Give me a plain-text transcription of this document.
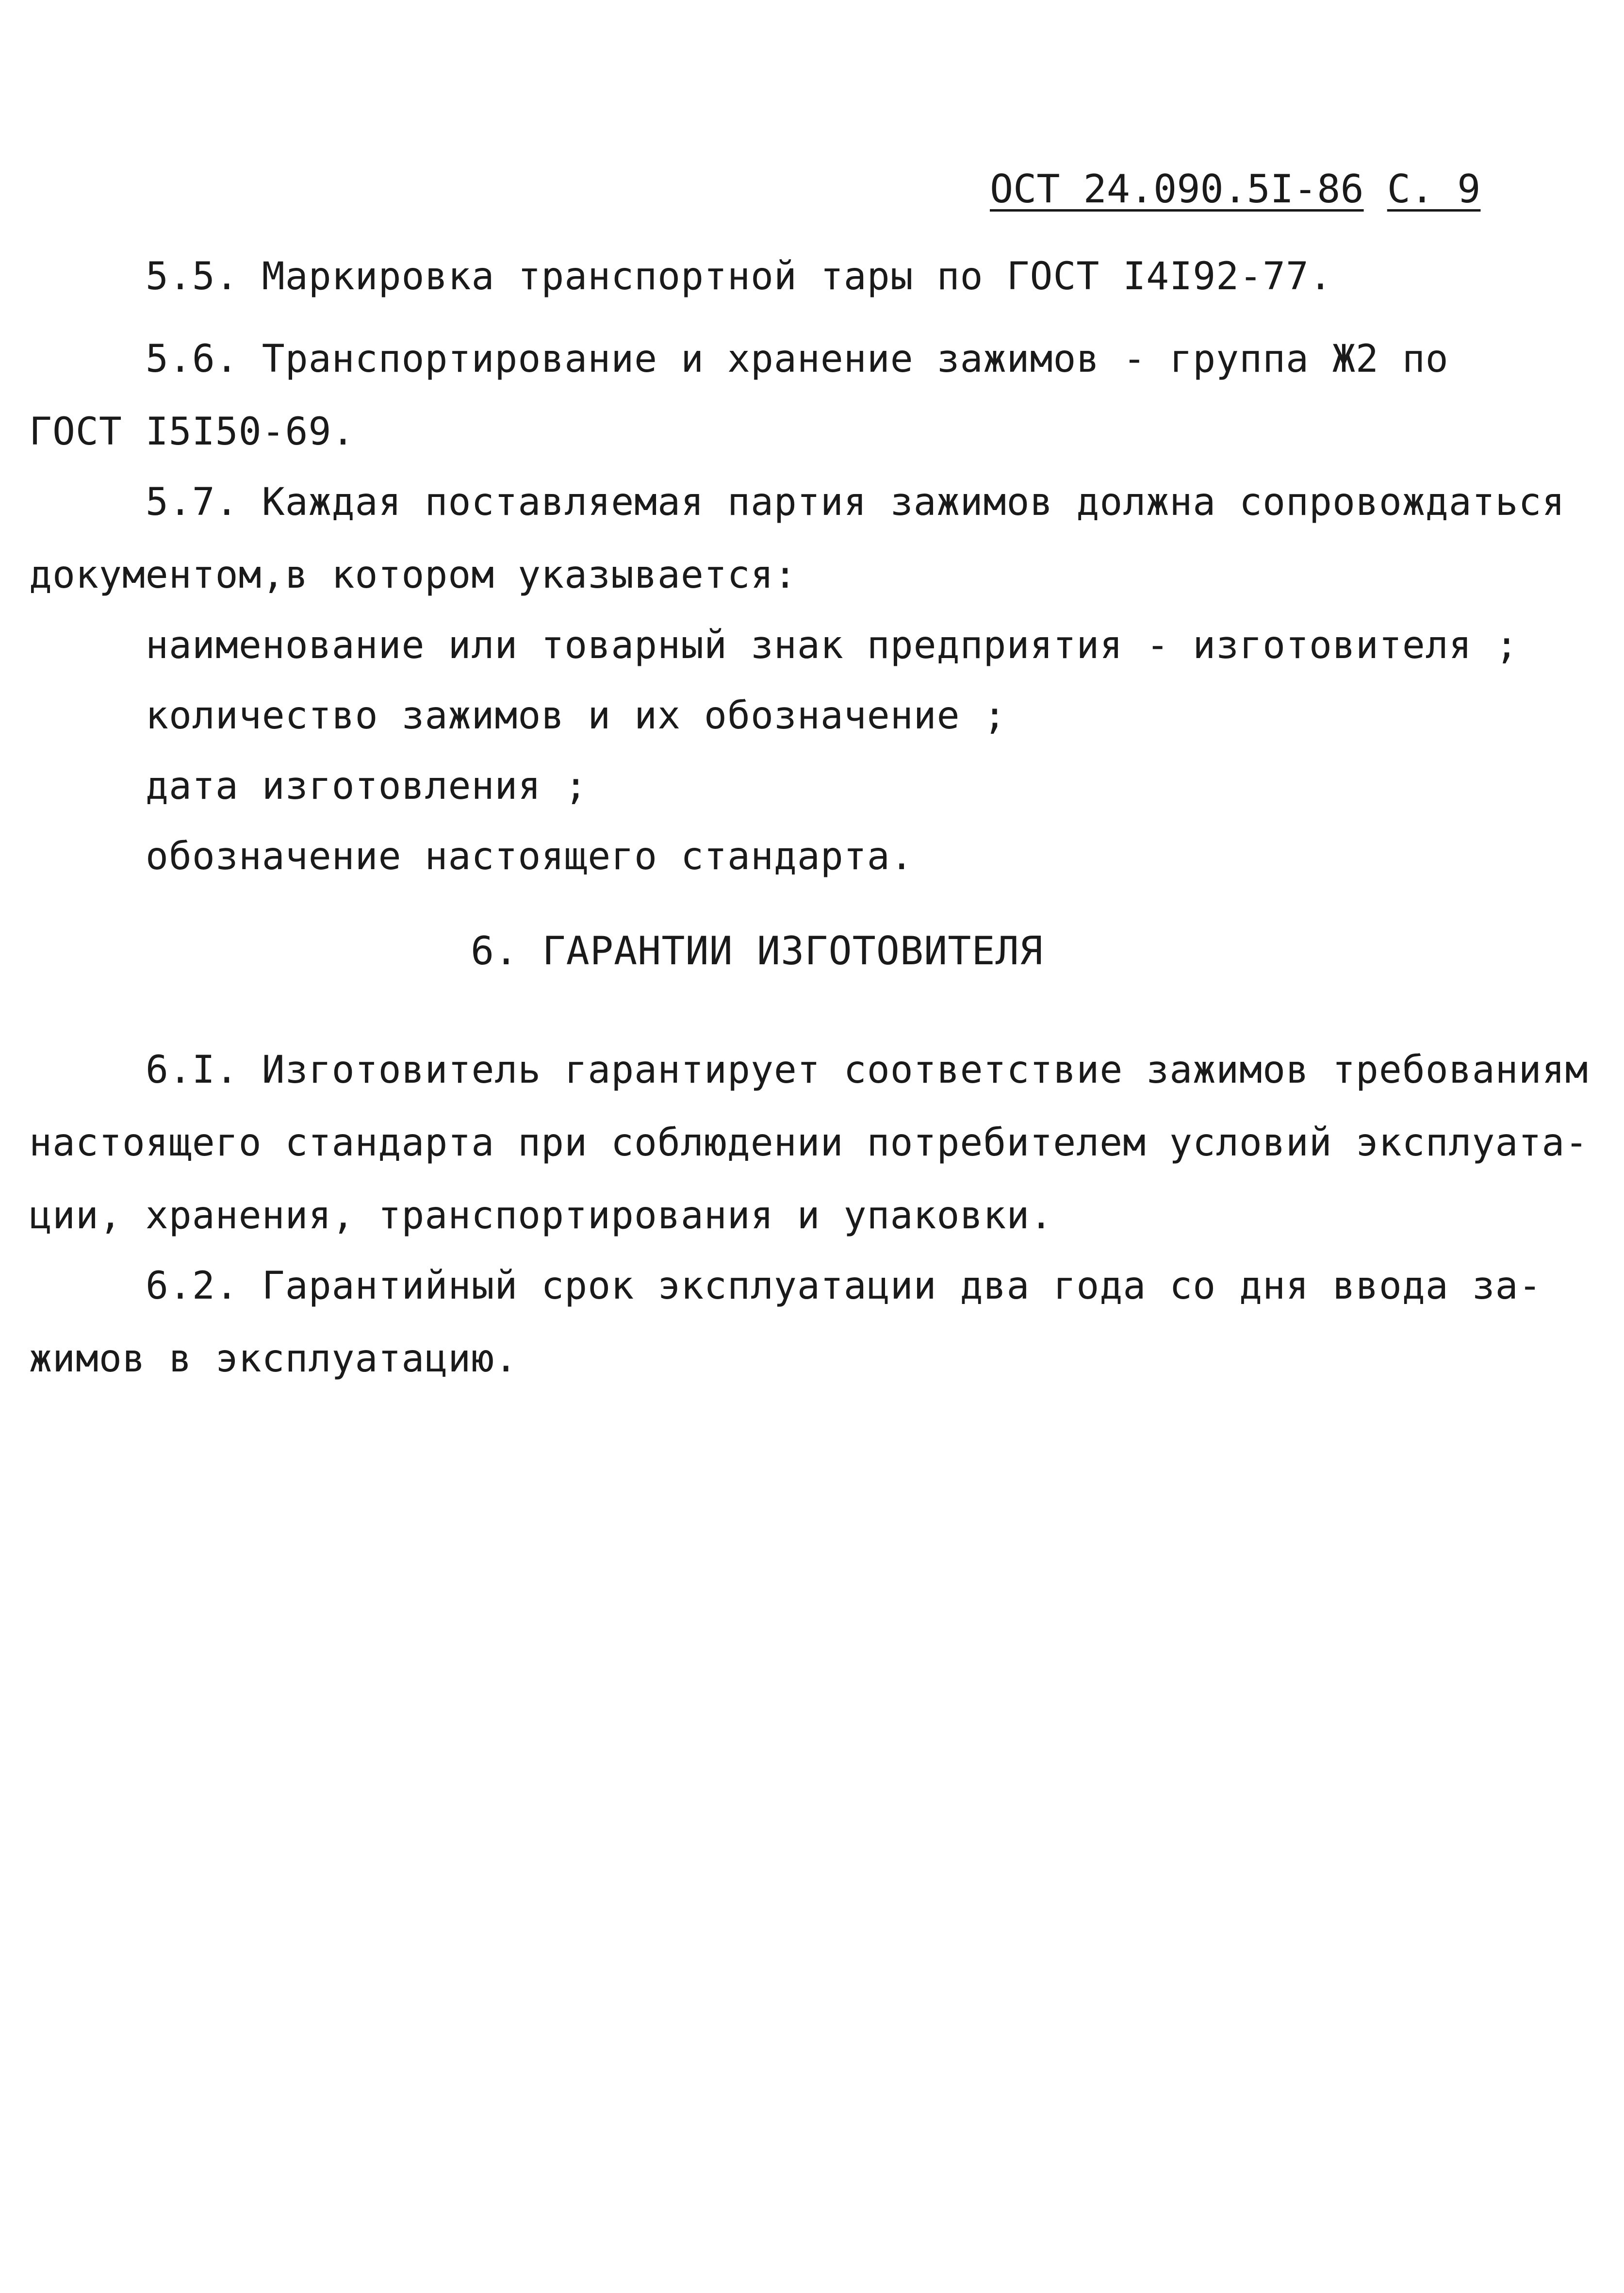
ОСТ 24.090.5I-86 С. 9
5.5. Маркировка транспортной тары по ГОСТ I4I92-77.
5.6. Транспортирование и хранение зажимов - группа Ж2 по
ГОСТ I5I50-69.
5.7. Каждая поставляемая партия зажимов должна сопровождаться
документом,в котором указывается:
наименование или товарный знак предприятия - изготовителя ;
количество зажимов и их обозначение ;
дата изготовления ;
обозначение настоящего стандарта.
6. ГАРАНТИИ ИЗГОТОВИТЕЛЯ
6.I. Изготовитель гарантирует соответствие зажимов требованиям
настоящего стандарта при соблюдении потребителем условий эксплуата-
ции, хранения, транспортирования и упаковки.
6.2. Гарантийный срок эксплуатации два года со дня ввода за-
жимов в эксплуатацию.
